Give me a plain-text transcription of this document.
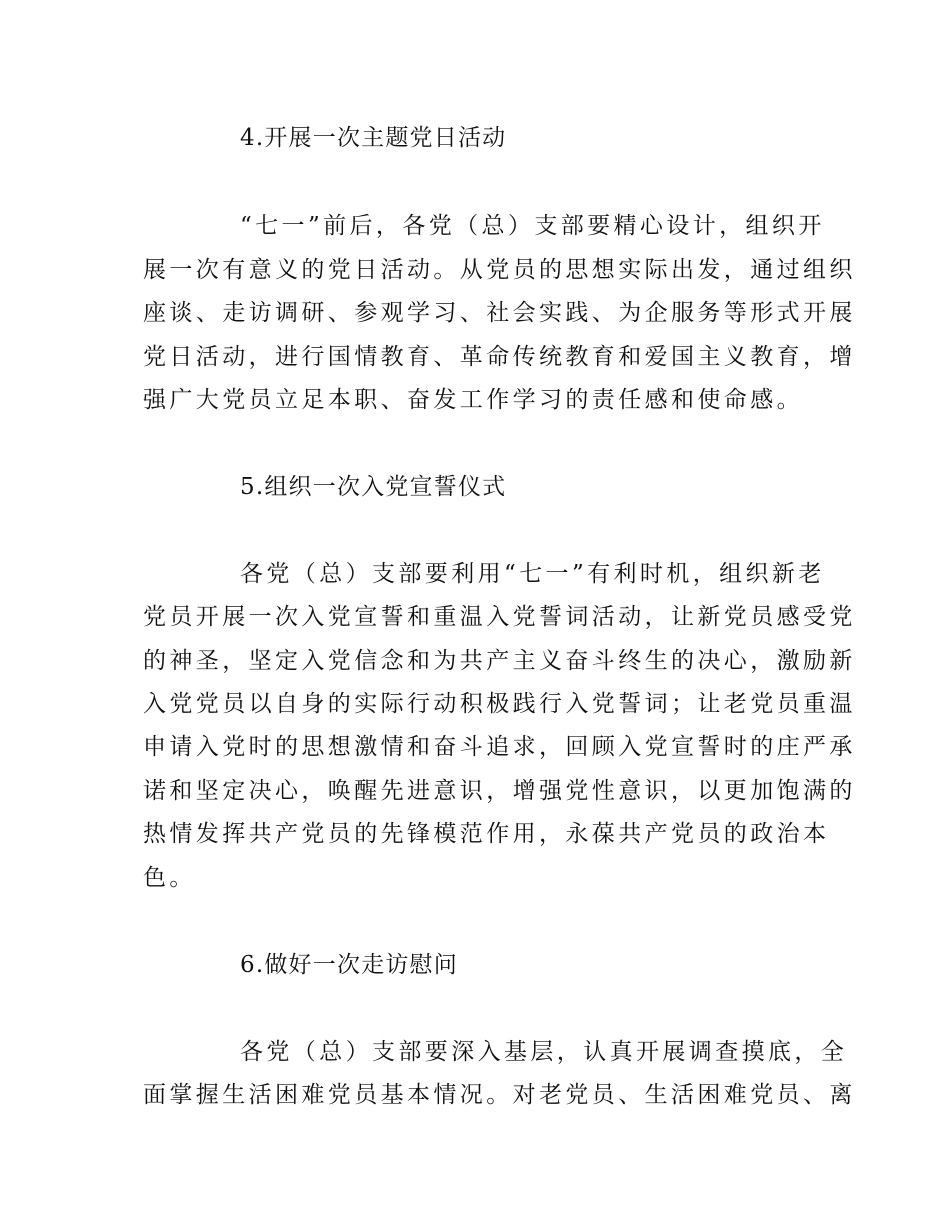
4.开展一次主题党日活动
“七一”前后，各党（总）支部要精心设计，组织开
展一次有意义的党日活动。从党员的思想实际出发，通过组织
座谈、走访调研、参观学习、社会实践、为企服务等形式开展
党日活动，进行国情教育、革命传统教育和爱国主义教育，增
强广大党员立足本职、奋发工作学习的责任感和使命感。
5.组织一次入党宣誓仪式
各党（总）支部要利用“七一”有利时机，组织新老
党员开展一次入党宣誓和重温入党誓词活动，让新党员感受党
的神圣，坚定入党信念和为共产主义奋斗终生的决心，激励新
入党党员以自身的实际行动积极践行入党誓词；让老党员重温
申请入党时的思想激情和奋斗追求，回顾入党宣誓时的庄严承
诺和坚定决心，唤醒先进意识，增强党性意识，以更加饱满的
热情发挥共产党员的先锋模范作用，永葆共产党员的政治本
色。
6.做好一次走访慰问
各党（总）支部要深入基层，认真开展调查摸底，全
面掌握生活困难党员基本情况。对老党员、生活困难党员、离
